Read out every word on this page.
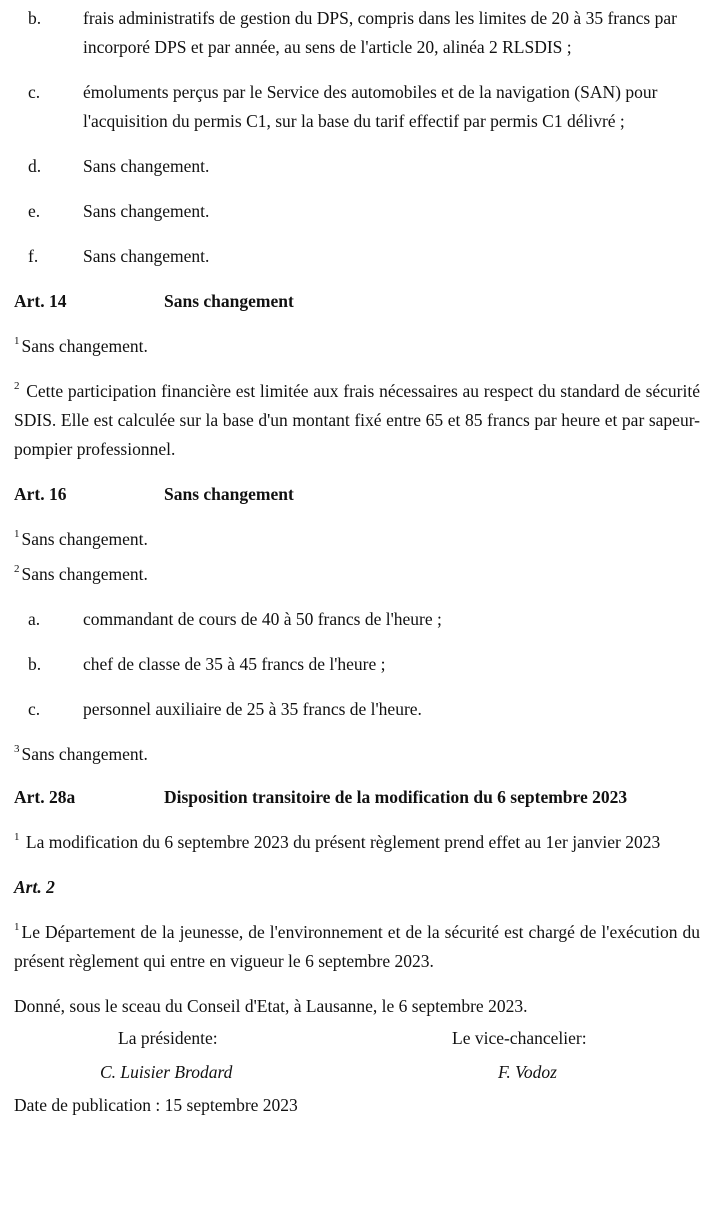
b.	frais administratifs de gestion du DPS, compris dans les limites de 20 à 35 francs par incorporé DPS et par année, au sens de l'article 20, alinéa 2 RLSDIS ;
c.	émoluments perçus par le Service des automobiles et de la navigation (SAN) pour l'acquisition du permis C1, sur la base du tarif effectif par permis C1 délivré ;
d.	Sans changement.
e.	Sans changement.
f.	Sans changement.
Art. 14	Sans changement
$^1$ Sans changement.
$^2$ Cette participation financière est limitée aux frais nécessaires au respect du standard de sécurité SDIS. Elle est calculée sur la base d'un montant fixé entre 65 et 85 francs par heure et par sapeur-pompier professionnel.
Art. 16	Sans changement
$^1$ Sans changement.
$^2$ Sans changement.
a.	commandant de cours de 40 à 50 francs de l'heure ;
b.	chef de classe de 35 à 45 francs de l'heure ;
c.	personnel auxiliaire de 25 à 35 francs de l'heure.
$^3$ Sans changement.
Art. 28a	Disposition transitoire de la modification du 6 septembre 2023
$^1$ La modification du 6 septembre 2023 du présent règlement prend effet au 1er janvier 2023
Art. 2
$^1$ Le Département de la jeunesse, de l'environnement et de la sécurité est chargé de l'exécution du présent règlement qui entre en vigueur le 6 septembre 2023.
Donné, sous le sceau du Conseil d'Etat, à Lausanne, le 6 septembre 2023.
La présidente:	Le vice-chancelier:
C. Luisier Brodard	F. Vodoz
Date de publication : 15 septembre 2023
